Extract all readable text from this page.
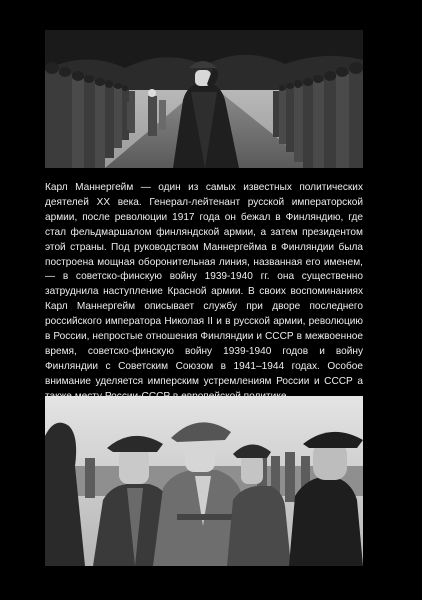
Карл Маннергейм — один из самых известных политических деятелей XX века. Генерал-лейтенант русской императорской армии, после революции 1917 года он бежал в Финляндию, где стал фельдмаршалом финляндской армии, а затем президентом этой страны. Под руководством Маннергейма в Финляндии была построена мощная оборонительная линия, названная его именем, — в советско-финскую войну 1939-1940 гг. она существенно затруднила наступление Красной армии. В своих воспоминаниях Карл Маннергейм описывает службу при дворе последнего российского императора Николая II и в русской армии, революцию в России, непростые отношения Финляндии и СССР в межвоенное время, советско-финскую войну 1939-1940 годов и войну Финляндии с Советским Союзом в 1941–1944 годах. Особое внимание уделяется имперским устремлениям России и СССР а
